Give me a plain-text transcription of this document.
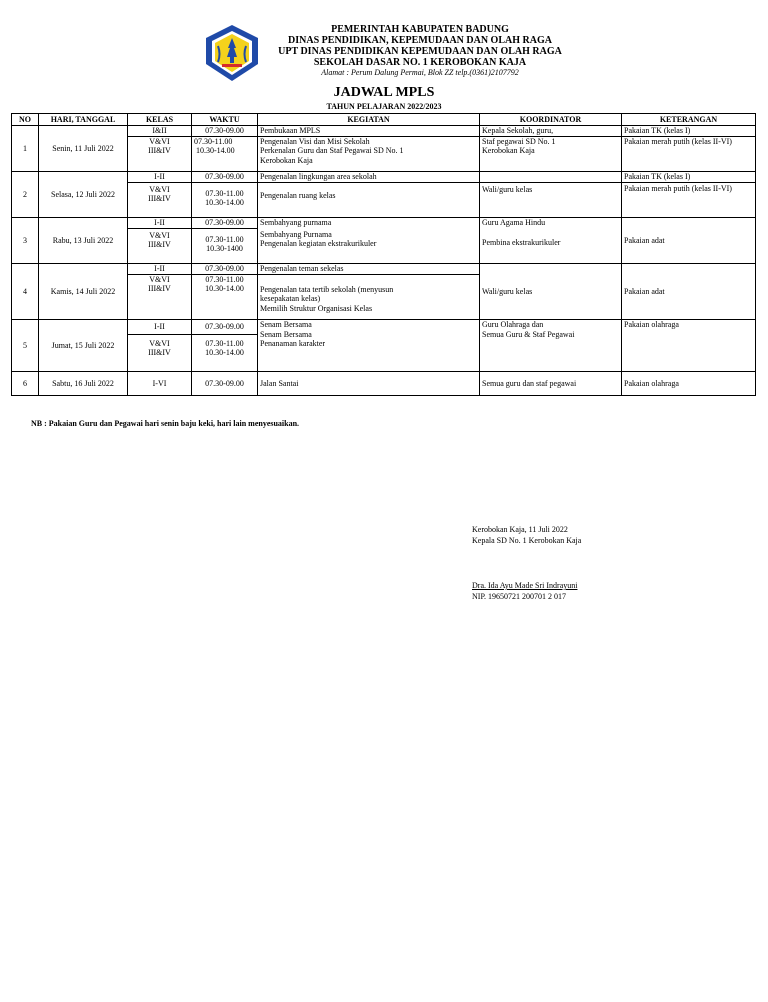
PEMERINTAH KABUPATEN BADUNG
DINAS PENDIDIKAN, KEPEMUDAAN DAN OLAH RAGA
UPT DINAS PENDIDIKAN KEPEMUDAAN DAN OLAH RAGA
SEKOLAH DASAR NO. 1 KEROBOKAN KAJA
Alamat : Perum Dalung Permai, Blok ZZ telp.(0361)2107792
JADWAL MPLS
TAHUN PELAJARAN 2022/2023
NO	HARI, TANGGAL	KELAS	WAKTU	KEGIATAN	KOORDINATOR	KETERANGAN
1	Senin, 11 Juli 2022	I&II
V&VI
III&IV	07.30-09.00
07.30-11.00
10.30-14.00	Pembukaan MPLS
Pengenalan Visi dan Misi Sekolah
Perkenalan Guru dan Staf Pegawai SD No. 1
Kerobokan Kaja	Kepala Sekolah, guru,
Staf pegawai SD No. 1
Kerobokan Kaja	Pakaian TK (kelas I)
Pakaian merah putih (kelas II-VI)

2	Selasa, 12 Juli 2022	I-II
V&VI
III&IV	07.30-09.00
07.30-11.00
10.30-14.00	Pengenalan lingkungan area sekolah
Pengenalan ruang kelas	Wali/guru kelas	Pakaian TK (kelas I)
Pakaian merah putih (kelas II-VI)

3	Rabu, 13 Juli 2022	I-II
V&VI
III&IV	07.30-09.00
07.30-11.00
10.30-1400	Sembahyang purnama
Sembahyang Purnama
Pengenalan kegiatan ekstrakurikuler	Guru Agama Hindu
Pembina ekstrakurikuler	Pakaian adat

4	Kamis, 14 Juli 2022	I-II
V&VI
III&IV	07.30-09.00
07.30-11.00
10.30-14.00	Pengenalan teman sekelas
Pengenalan tata tertib sekolah (menyusun
kesepakatan kelas)
Memilih Struktur Organisasi Kelas	Wali/guru kelas	Pakaian adat

5	Jumat, 15 Juli 2022	I-II
V&VI
III&IV	07.30-09.00
07.30-11.00
10.30-14.00	Senam Bersama
Senam Bersama
Penanaman karakter	Guru Olahraga dan
Semua Guru & Staf Pegawai	Pakaian olahraga

6	Sabtu, 16 Juli 2022	I-VI	07.30-09.00	Jalan Santai	Semua guru dan staf pegawai	Pakaian olahraga
NB : Pakaian Guru dan Pegawai hari senin baju keki, hari lain menyesuaikan.
Kerobokan Kaja, 11 Juli 2022
Kepala SD No. 1 Kerobokan Kaja
Dra. Ida Ayu Made Sri Indrayuni
NIP. 19650721 200701 2 017
